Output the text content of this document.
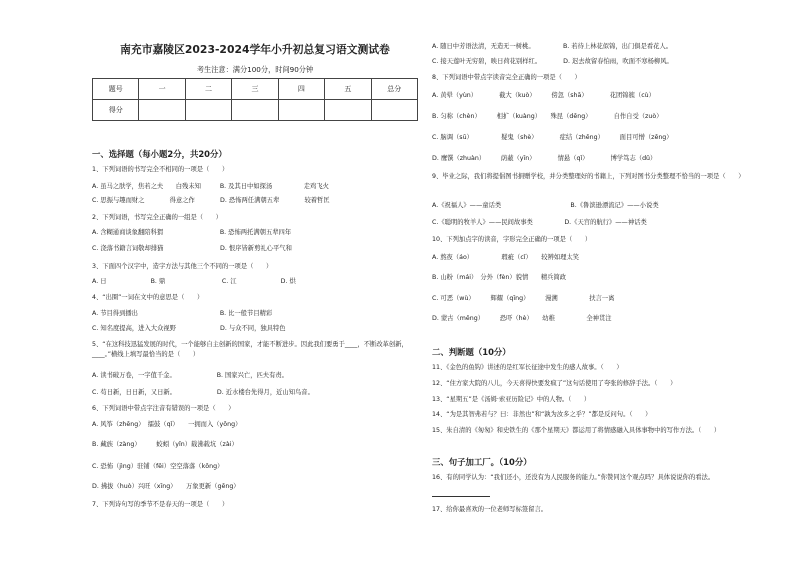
南充市嘉陵区2023-2024学年小升初总复习语文测试卷
考生注意：满分100分，时间90分钟
题号	一	二	三	四	五	总分
得分						
一、选择题（每小题2分，共20分）
1、下列词语的书写完全不相同的一项是（　　）
A. 虽马之肤学，焦若之夫　　白残未知　　　B. 及其日中如探汤　　　　　走鸡飞火
C. 思振与趣而财之　　　　得意之作　　　　D. 恐怖两任满朝五辈　　　　较着哲匡
2、下列词语，书写完全正确的一组是（　　）
A. 含糊通商谈象翻陪科猬　　　　　　　　　B. 恐怖两托满朝五辈四年
C. 浇落书籍言词敬却排猫　　　　　　　　　D. 恨序皆新剪礼心平气和
3、下面四个汉字中，造字方法与其他三个不同的一项是（　　）
A. 日　　　　　　　B. 鼎　　　　　　　　　C. 江　　　　　　　D. 烘
4、“出圈”一词在文中的意思是（　　）
A. 节目得到播出　　　　　　　　　　　　　B. 比一般节目精彩
C. 知名度提高，进入大众视野　　　　　　　D. 与众不同，独具特色
5、“在这科技迅猛发展的时代，一个能够自主创新的国家，才能不断进步。因此我们要勇于____，不断改革创新，____。”横线上填写最恰当的是（　　）
A. 读书破万卷，一字值千金。　　　　　　　B. 国家兴亡，匹夫有责。
C. 苟日新，日日新，又日新。　　　　　　　D. 近水楼台先得月，近山知鸟音。
6、下列词语中带点字注音有错误的一项是（　　）
A. 风筝（zhēng）　擂鼓（qǐ）　　一拥而入（yōng）
B. 藏族（zàng）　　　蛟蚓（yǐn）载沸载坑（zài）
C. 恐怖（jìng）驻铺（fēi）空空落落（kōng）
D. 拂拔（huò）兴旺（xīng）　　万象更新（gēng）
7、下列诗句写的季节不是春天的一项是（　　）
A. 随日中芳语法清，无造无一树桃。　　　　　B. 若待上林花似锦，出门俱是看花人。
C. 接天莲叶无穷碧，映日荷花别样红。　　　　D. 迟去故留春怕雨，吹面不寒杨柳风。
8、下列词语中带点字读音完全正确的一项是（　　）
A. 黄晕（yùn）　　　　截大（kuò）　　　傍忽（shā）　　　　花团锦簇（cù）
B. 匀称（chèn）　　　相扩（kuàng）　　殊昆（dēng）　　　　自作自受（zuò）
C. 脑调（sū）　　　　　疑鬼（shè）　　　　症结（zhēng）　　　面目可憎（zēng）
D. 鹰馔（zhuàn）　　　荫蔽（yīn）　　　　情悬（qǐ）　　　　博学笃志（dǔ）
9、毕业之际，我们将提倡图书捐赠学校，并分类整理好的书籍上，下列对图书分类整理不恰当的一项是（　　）
A.《祝福人》——童话类　　　　　　　　　　　B.《鲁滨逊漂流记》——小说类
C.《聪明的牧羊人》——民间故事类　　　　　D.《天宫的航行》——神话类
10、下列加点字的读音，字形完全正确的一项是（　　）
A. 熬夜（áo）　　　　　瑕疵（cǐ）　　较辨如理太笑
B. 山粉（mái）　分外（fèn）貌情　　精兵简政
C. 可恶（wù）　　　辉耀（qīng）　　　漫溯　　　　　扶言一离
D. 蒙古（měng）　　　恐吓（hè）　　幼稚　　　　　全神贯注
二、判断题（10分）
11、《金色的鱼钩》讲述的是红军长征途中发生的感人故事。（　　）
12、“住方家大院的八儿，今天喜得快要发疯了”这句话使用了夸张的修辞手法。（　　）
13、“星期五”是《汤姆·索亚历险记》中的人物。（　　）
14、“为是其智弗若与？曰：非然也”和“孰为汝多之乎？”都是反问句。（　　）
15、朱自清的《匆匆》和史铁生的《那个星期天》都运用了将情感融入具体事物中的写作方法。（　　）
三、句子加工厂。（10分）
16、有的同学认为：“我们还小，还没有为人民服务的能力。”你赞同这个观点吗？具体说说你的看法。
17、给你最喜欢的一位老师写标签留言。
